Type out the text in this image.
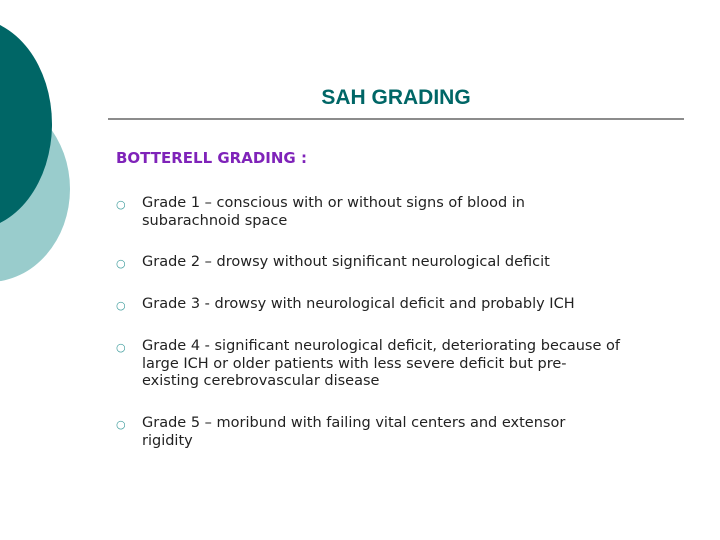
SAH GRADING
BOTTERELL GRADING :
○ Grade 1 – conscious with or without signs of blood in
subarachnoid space
○ Grade 2 – drowsy without significant neurological deficit
○ Grade 3 - drowsy with neurological deficit and probably ICH
○ Grade 4 - significant neurological deficit, deteriorating because of
large ICH or older patients with less severe deficit but pre-
existing cerebrovascular disease
○ Grade 5 – moribund with failing vital centers and extensor
rigidity
